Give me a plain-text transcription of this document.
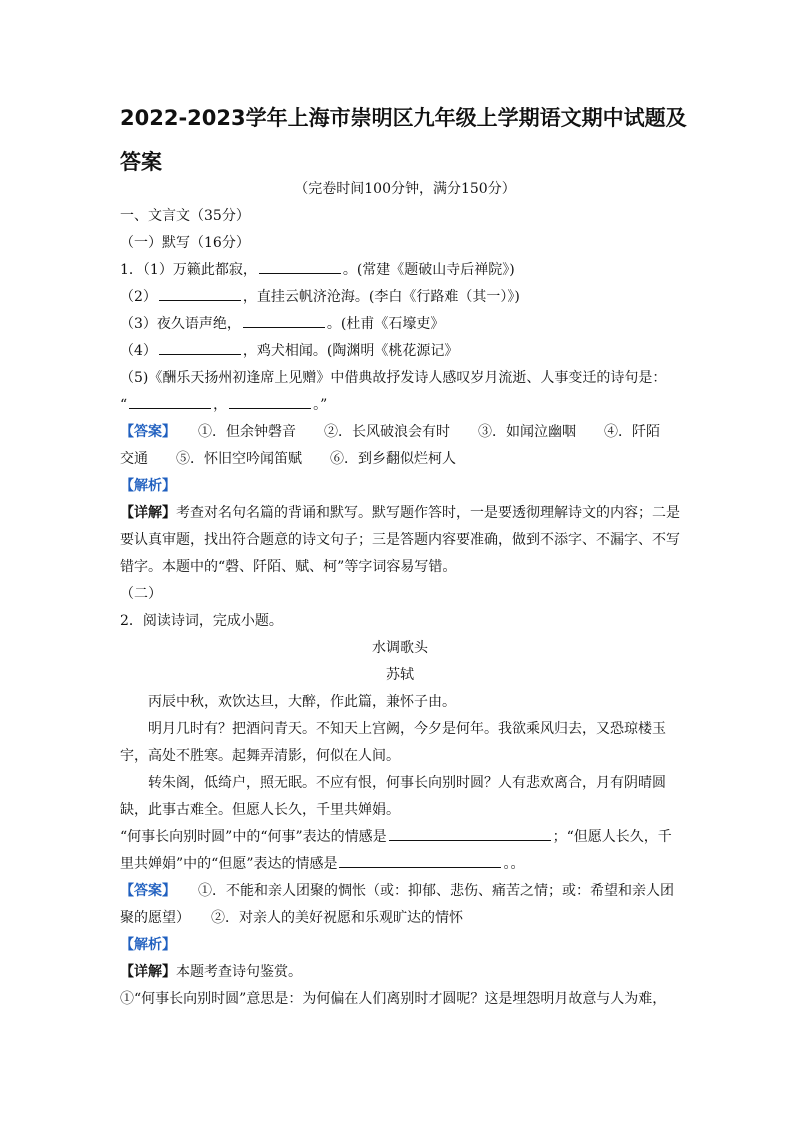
2022-2023学年上海市崇明区九年级上学期语文期中试题及答案
（完卷时间100分钟，满分150分）

一、文言文（35分）

（一）默写（16分）

1．（1）万籁此都寂，	。(常建《题破山寺后禅院》)

（2）	，直挂云帆济沧海。(李白《行路难（其一）》)

（3）夜久语声绝，	。(杜甫《石壕吏》

（4）	，鸡犬相闻。(陶渊明《桃花源记》

（5)《酬乐天扬州初逢席上见赠》中借典故抒发诗人感叹岁月流逝、人事变迁的诗句是：

“	，	。”

【答案】 ①．但余钟磬音　　②．长风破浪会有时　　③．如闻泣幽咽　　④．阡陌

交通　　⑤．怀旧空吟闻笛赋　　⑥．到乡翻似烂柯人

【解析】

【详解】考查对名句名篇的背诵和默写。默写题作答时，一是要透彻理解诗文的内容；二是要认真审题，找出符合题意的诗文句子；三是答题内容要准确，做到不添字、不漏字、不写错字。本题中的“磬、阡陌、赋、柯”等字词容易写错。

（二）

2．阅读诗词，完成小题。

水调歌头

苏轼

丙辰中秋，欢饮达旦，大醉，作此篇，兼怀子由。

明月几时有？把酒问青天。不知天上宫阙，今夕是何年。我欲乘风归去，又恐琼楼玉宇，高处不胜寒。起舞弄清影，何似在人间。

转朱阁，低绮户，照无眠。不应有恨，何事长向别时圆？人有悲欢离合，月有阴晴圆缺，此事古难全。但愿人长久，千里共婵娟。

“何事长向别时圆”中的“何事”表达的情感是	；“但愿人长久，千里共婵娟”中的“但愿”表达的情感是	。。

【答案】 ①．不能和亲人团聚的惆怅（或：抑郁、悲伤、痛苦之情；或：希望和亲人团聚的愿望）　　②．对亲人的美好祝愿和乐观旷达的情怀

【解析】

【详解】本题考查诗句鉴赏。

①“何事长向别时圆”意思是：为何偏在人们离别时才圆呢？这是埋怨明月故意与人为难，
